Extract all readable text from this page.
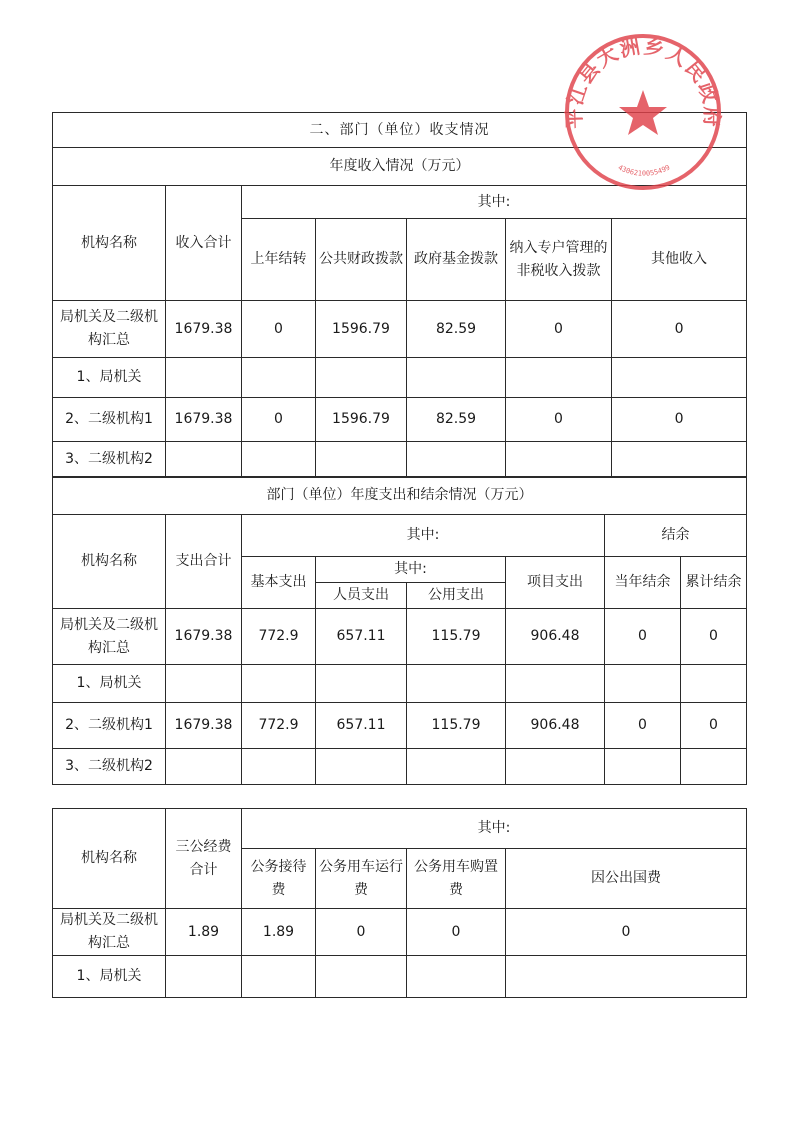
二、部门（单位）收支情况						
年度收入情况（万元）						
机构名称	收入合计	其中:				
		上年结转	公共财政拨款	政府基金拨款	纳入专户管理的非税收入拨款	其他收入
局机关及二级机构汇总	1679.38	0	1596.79	82.59	0	0
1、局机关						
2、二级机构1	1679.38	0	1596.79	82.59	0	0
3、二级机构2						
部门（单位）年度支出和结余情况（万元）							
机构名称	支出合计	其中:				结余	
		基本支出	其中:		项目支出	当年结余	累计结余
			人员支出	公用支出			
局机关及二级机构汇总	1679.38	772.9	657.11	115.79	906.48	0	0
1、局机关							
2、二级机构1	1679.38	772.9	657.11	115.79	906.48	0	0
3、二级机构2							
机构名称	三公经费合计	其中:			
		公务接待费	公务用车运行费	公务用车购置费	因公出国费
局机关及二级机构汇总	1.89	1.89	0	0	0
1、局机关					
平江县大洲乡人民政府
4306210055499
